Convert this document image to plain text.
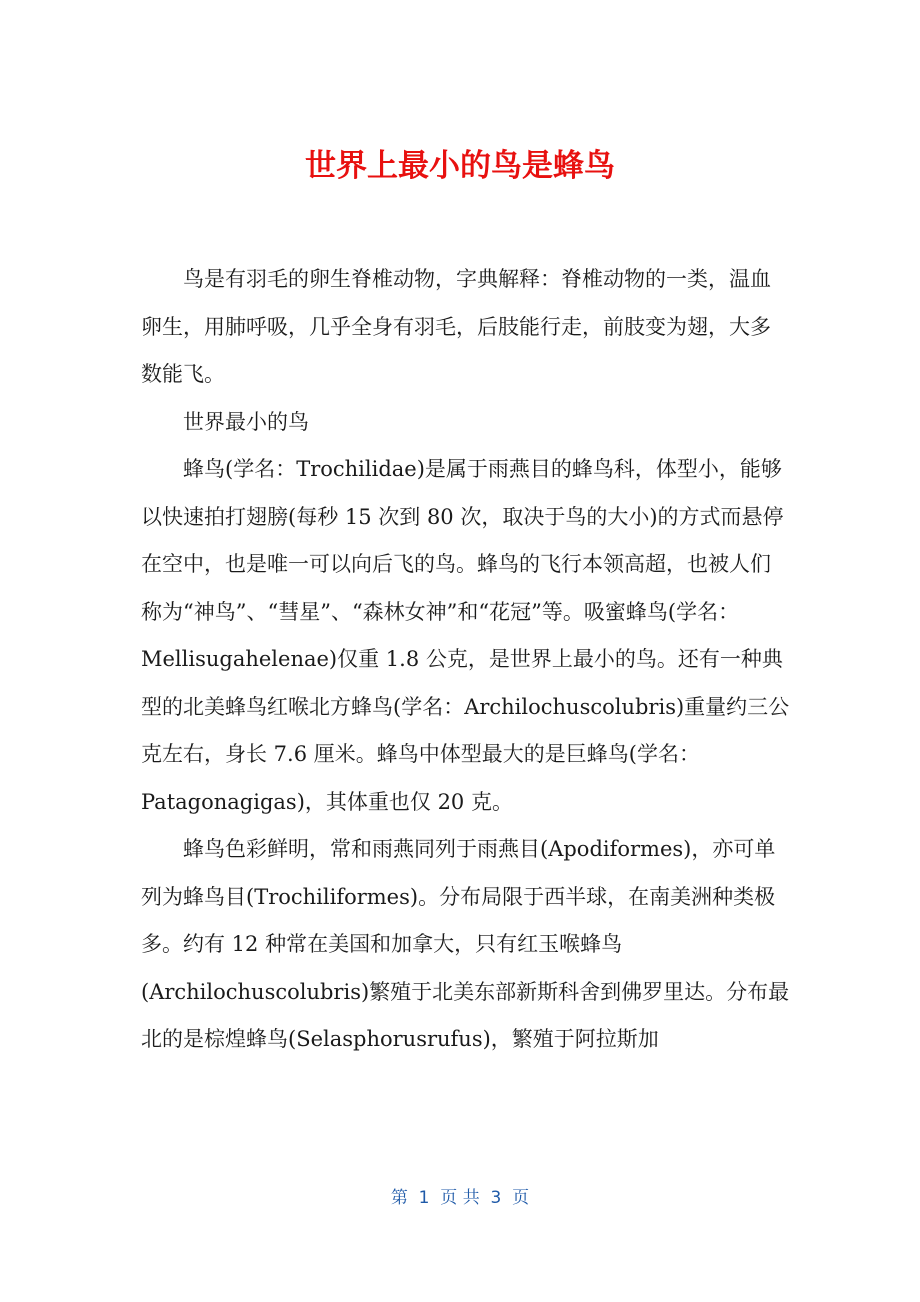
世界上最小的鸟是蜂鸟

鸟是有羽毛的卵生脊椎动物，字典解释：脊椎动物的一类，温血卵生，用肺呼吸，几乎全身有羽毛，后肢能行走，前肢变为翅，大多数能飞。

世界最小的鸟

蜂鸟(学名：Trochilidae)是属于雨燕目的蜂鸟科，体型小，能够以快速拍打翅膀(每秒 15 次到 80 次，取决于鸟的大小)的方式而悬停在空中，也是唯一可以向后飞的鸟。蜂鸟的飞行本领高超，也被人们称为“神鸟”、“彗星”、“森林女神”和“花冠”等。吸蜜蜂鸟(学名：Mellisugahelenae)仅重 1.8 公克，是世界上最小的鸟。还有一种典型的北美蜂鸟红喉北方蜂鸟(学名：Archilochuscolubris)重量约三公克左右，身长 7.6 厘米。蜂鸟中体型最大的是巨蜂鸟(学名：Patagonagigas)，其体重也仅 20 克。

蜂鸟色彩鲜明，常和雨燕同列于雨燕目(Apodiformes)，亦可单列为蜂鸟目(Trochiliformes)。分布局限于西半球，在南美洲种类极多。约有 12 种常在美国和加拿大，只有红玉喉蜂鸟(Archilochuscolubris)繁殖于北美东部新斯科舍到佛罗里达。分布最北的是棕煌蜂鸟(Selasphorusrufus)，繁殖于阿拉斯加

第  1  页 共  3  页
